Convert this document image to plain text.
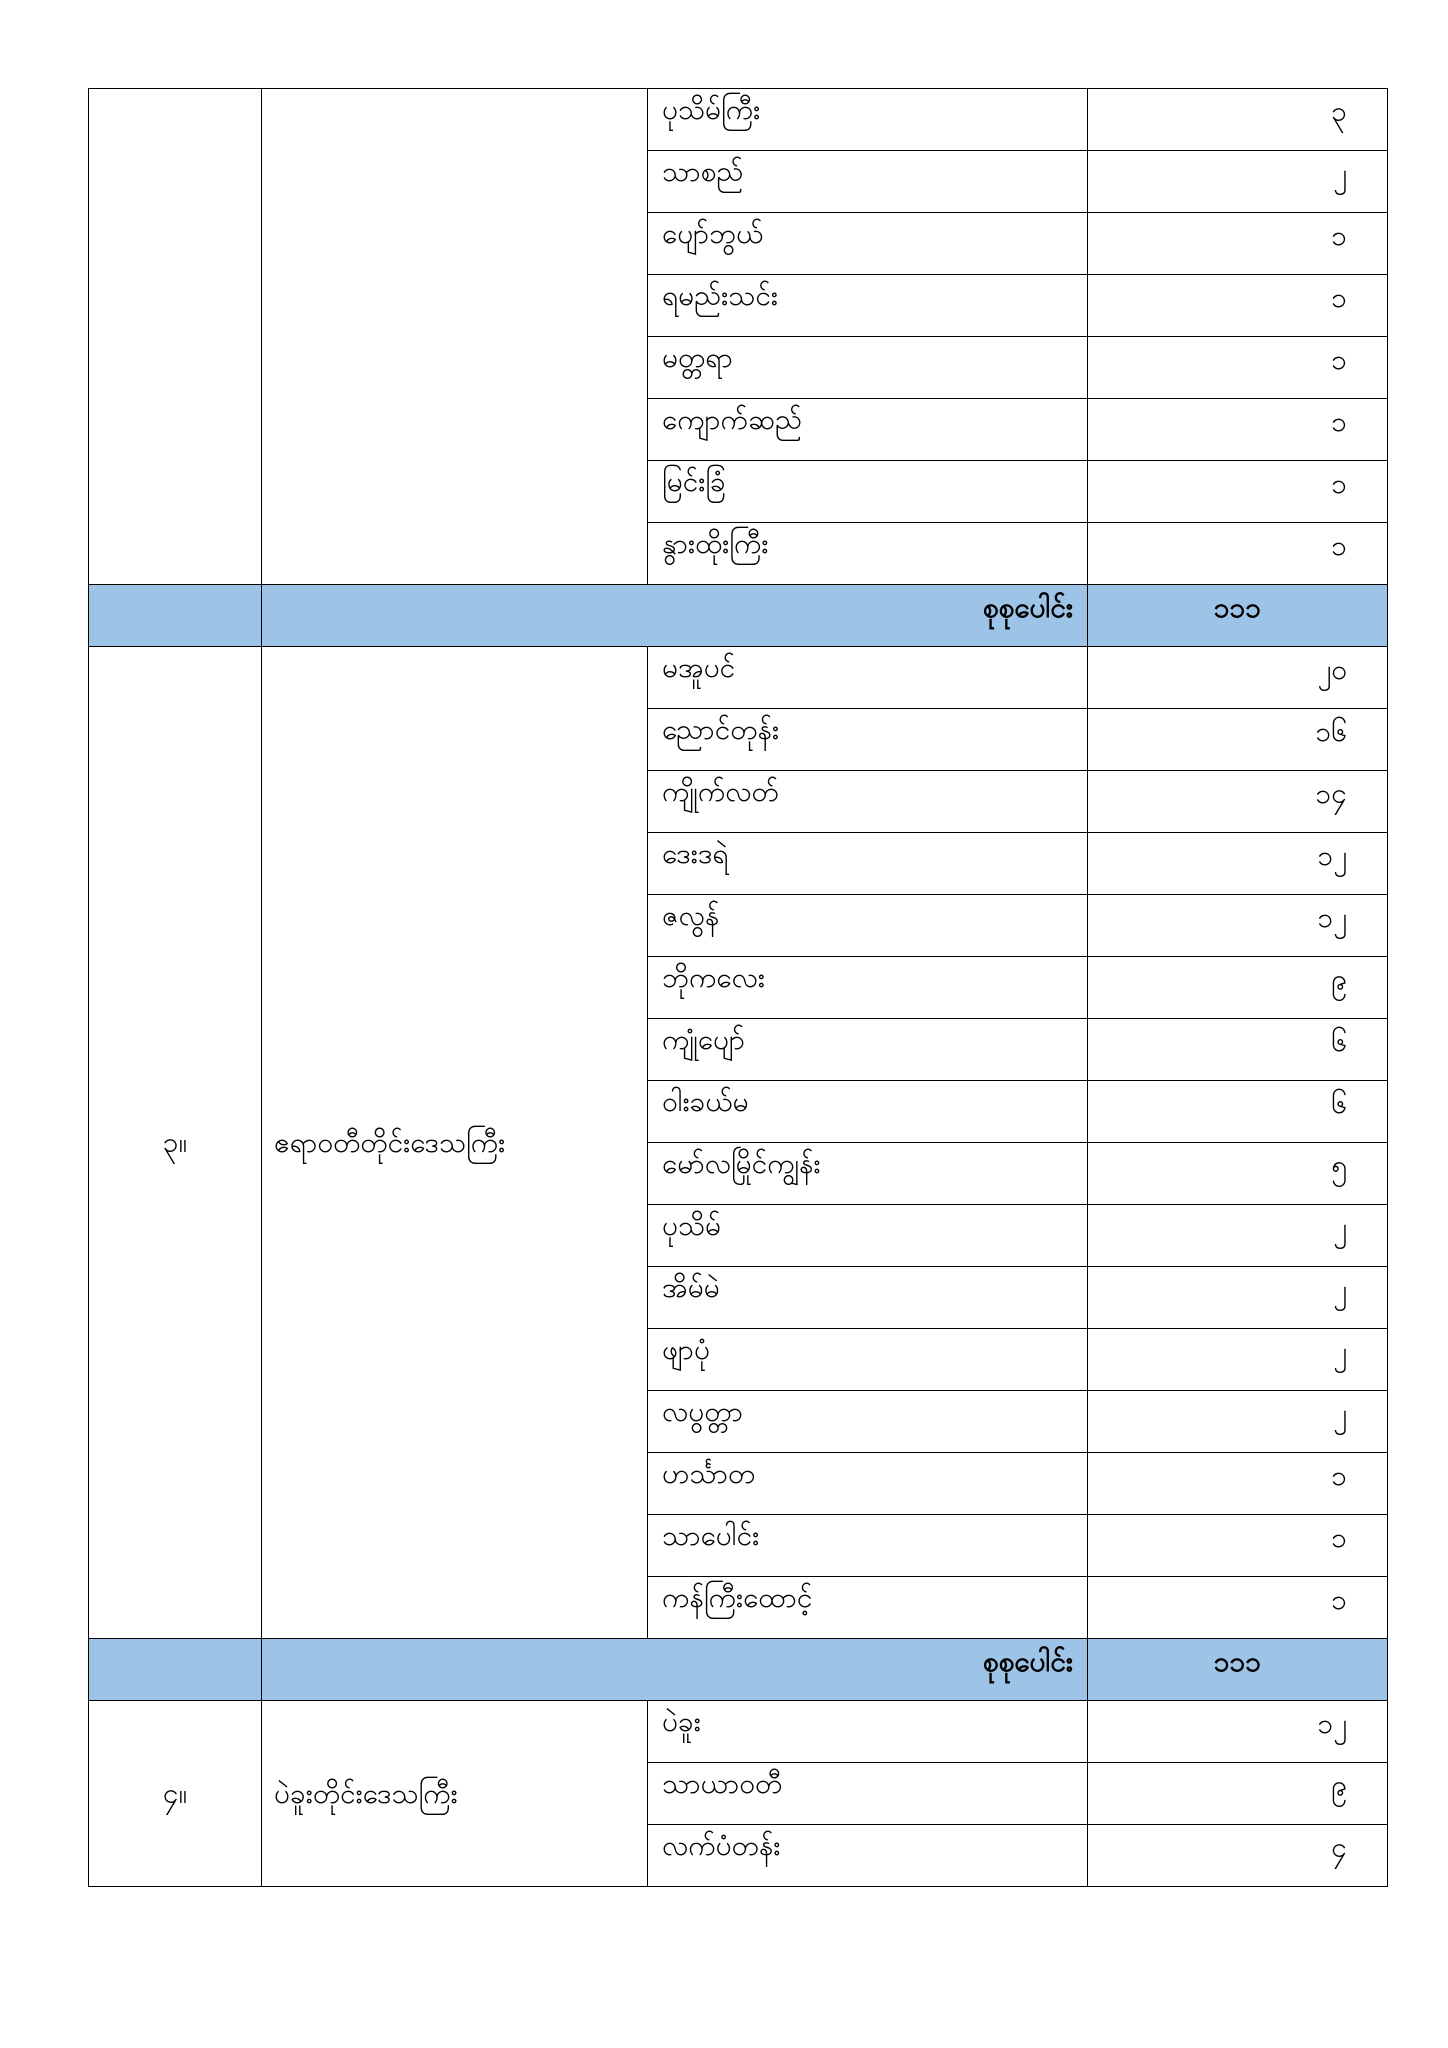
		ပုသိမ်ကြီး	၃
		သာစည်	၂
		ပျော်ဘွယ်	၁
		ရမည်းသင်း	၁
		မတ္တရာ	၁
		ကျောက်ဆည်	၁
		မြင်းခြံ	၁
		နွားထိုးကြီး	၁
	စုစုပေါင်း		၁၁၁
၃။	ဧရာဝတီတိုင်းဒေသကြီး	မအူပင်	၂၀
		ညောင်တုန်း	၁၆
		ကျိုက်လတ်	၁၄
		ဒေးဒရဲ	၁၂
		ဇလွန်	၁၂
		ဘိုကလေး	၉
		ကျုံပျော်	၆
		ဝါးခယ်မ	၆
		မော်လမြိုင်ကျွန်း	၅
		ပုသိမ်	၂
		အိမ်မဲ	၂
		ဖျာပုံ	၂
		လပွတ္တာ	၂
		ဟင်္သာတ	၁
		သာပေါင်း	၁
		ကန်ကြီးထောင့်	၁
	စုစုပေါင်း		၁၁၁
၄။	ပဲခူးတိုင်းဒေသကြီး	ပဲခူး	၁၂
		သာယာဝတီ	၉
		လက်ပံတန်း	၄
